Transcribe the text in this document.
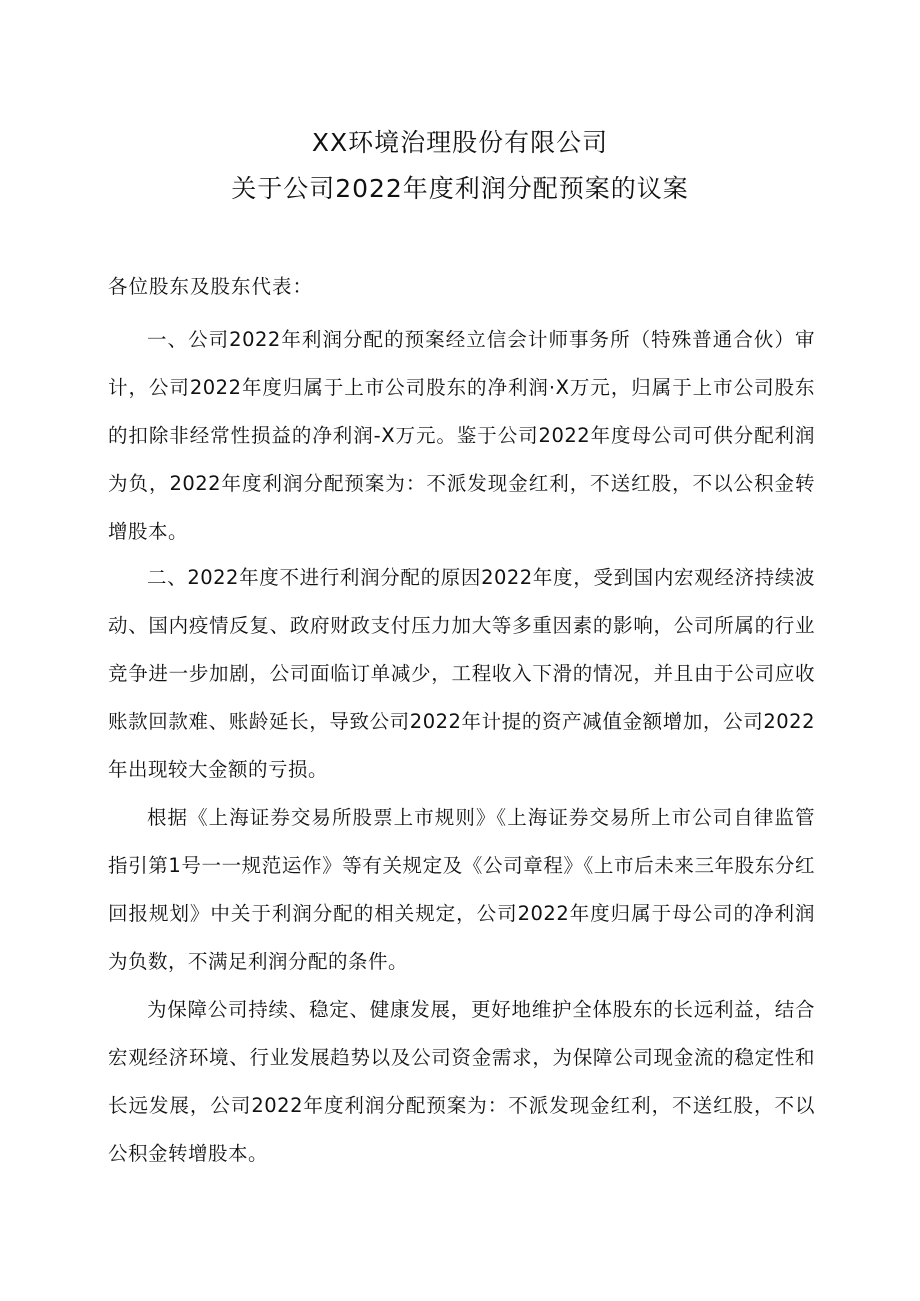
XX环境治理股份有限公司
关于公司2022年度利润分配预案的议案
各位股东及股东代表：

一、公司2022年利润分配的预案经立信会计师事务所（特殊普通合伙）审计，公司2022年度归属于上市公司股东的净利润·X万元，归属于上市公司股东的扣除非经常性损益的净利润-X万元。鉴于公司2022年度母公司可供分配利润为负，2022年度利润分配预案为：不派发现金红利，不送红股，不以公积金转增股本。

二、2022年度不进行利润分配的原因2022年度，受到国内宏观经济持续波动、国内疫情反复、政府财政支付压力加大等多重因素的影响，公司所属的行业竞争进一步加剧，公司面临订单减少，工程收入下滑的情况，并且由于公司应收账款回款难、账龄延长，导致公司2022年计提的资产减值金额增加，公司2022年出现较大金额的亏损。

根据《上海证券交易所股票上市规则》《上海证券交易所上市公司自律监管指引第1号一一规范运作》等有关规定及《公司章程》《上市后未来三年股东分红回报规划》中关于利润分配的相关规定，公司2022年度归属于母公司的净利润为负数，不满足利润分配的条件。

为保障公司持续、稳定、健康发展，更好地维护全体股东的长远利益，结合宏观经济环境、行业发展趋势以及公司资金需求，为保障公司现金流的稳定性和长远发展，公司2022年度利润分配预案为：不派发现金红利，不送红股，不以公积金转增股本。
